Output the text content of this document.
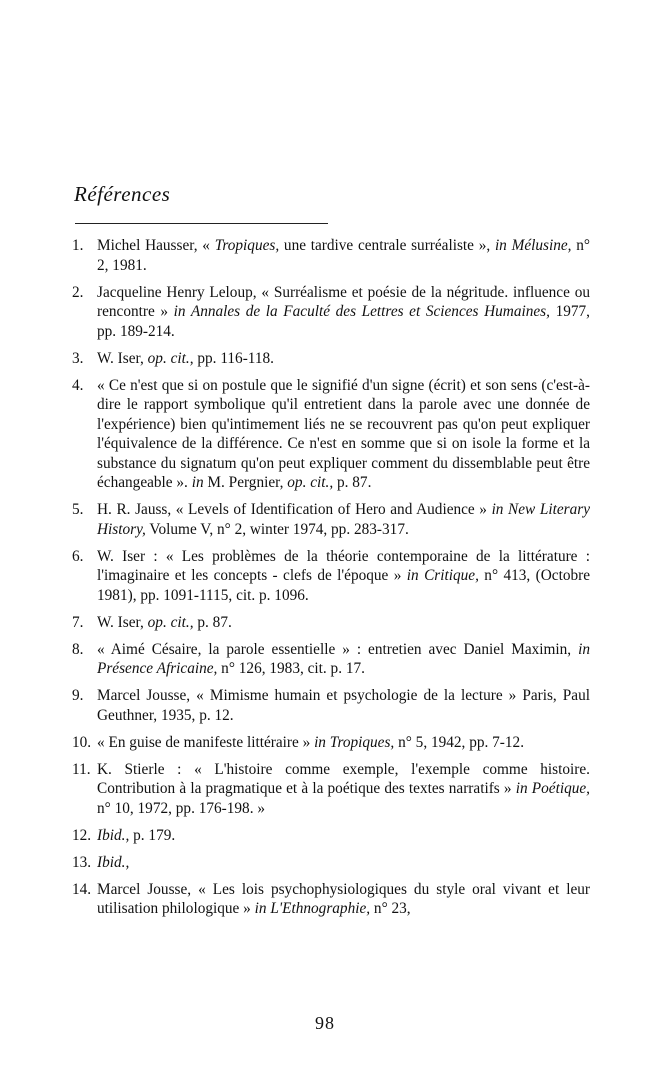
Références
1. Michel Hausser, « Tropiques, une tardive centrale surréaliste », in Mélusine, n° 2, 1981.
2. Jacqueline Henry Leloup, « Surréalisme et poésie de la négritude. influence ou rencontre » in Annales de la Faculté des Lettres et Sciences Humaines, 1977, pp. 189-214.
3. W. Iser, op. cit., pp. 116-118.
4. « Ce n'est que si on postule que le signifié d'un signe (écrit) et son sens (c'est-à-dire le rapport symbolique qu'il entretient dans la parole avec une donnée de l'expérience) bien qu'intimement liés ne se recouvrent pas qu'on peut expliquer l'équivalence de la différence. Ce n'est en somme que si on isole la forme et la substance du signatum qu'on peut expliquer comment du dissemblable peut être échangeable ». in M. Pergnier, op. cit., p. 87.
5. H. R. Jauss, « Levels of Identification of Hero and Audience » in New Literary History, Volume V, n° 2, winter 1974, pp. 283-317.
6. W. Iser : « Les problèmes de la théorie contemporaine de la littérature : l'imaginaire et les concepts - clefs de l'époque » in Critique, n° 413, (Octobre 1981), pp. 1091-1115, cit. p. 1096.
7. W. Iser, op. cit., p. 87.
8. « Aimé Césaire, la parole essentielle » : entretien avec Daniel Maximin, in Présence Africaine, n° 126, 1983, cit. p. 17.
9. Marcel Jousse, « Mimisme humain et psychologie de la lecture » Paris, Paul Geuthner, 1935, p. 12.
10. « En guise de manifeste littéraire » in Tropiques, n° 5, 1942, pp. 7-12.
11. K. Stierle : « L'histoire comme exemple, l'exemple comme histoire. Contribution à la pragmatique et à la poétique des textes narratifs » in Poétique, n° 10, 1972, pp. 176-198. »
12. Ibid., p. 179.
13. Ibid.,
14. Marcel Jousse, « Les lois psychophysiologiques du style oral vivant et leur utilisation philologique » in L'Ethnographie, n° 23,
98
